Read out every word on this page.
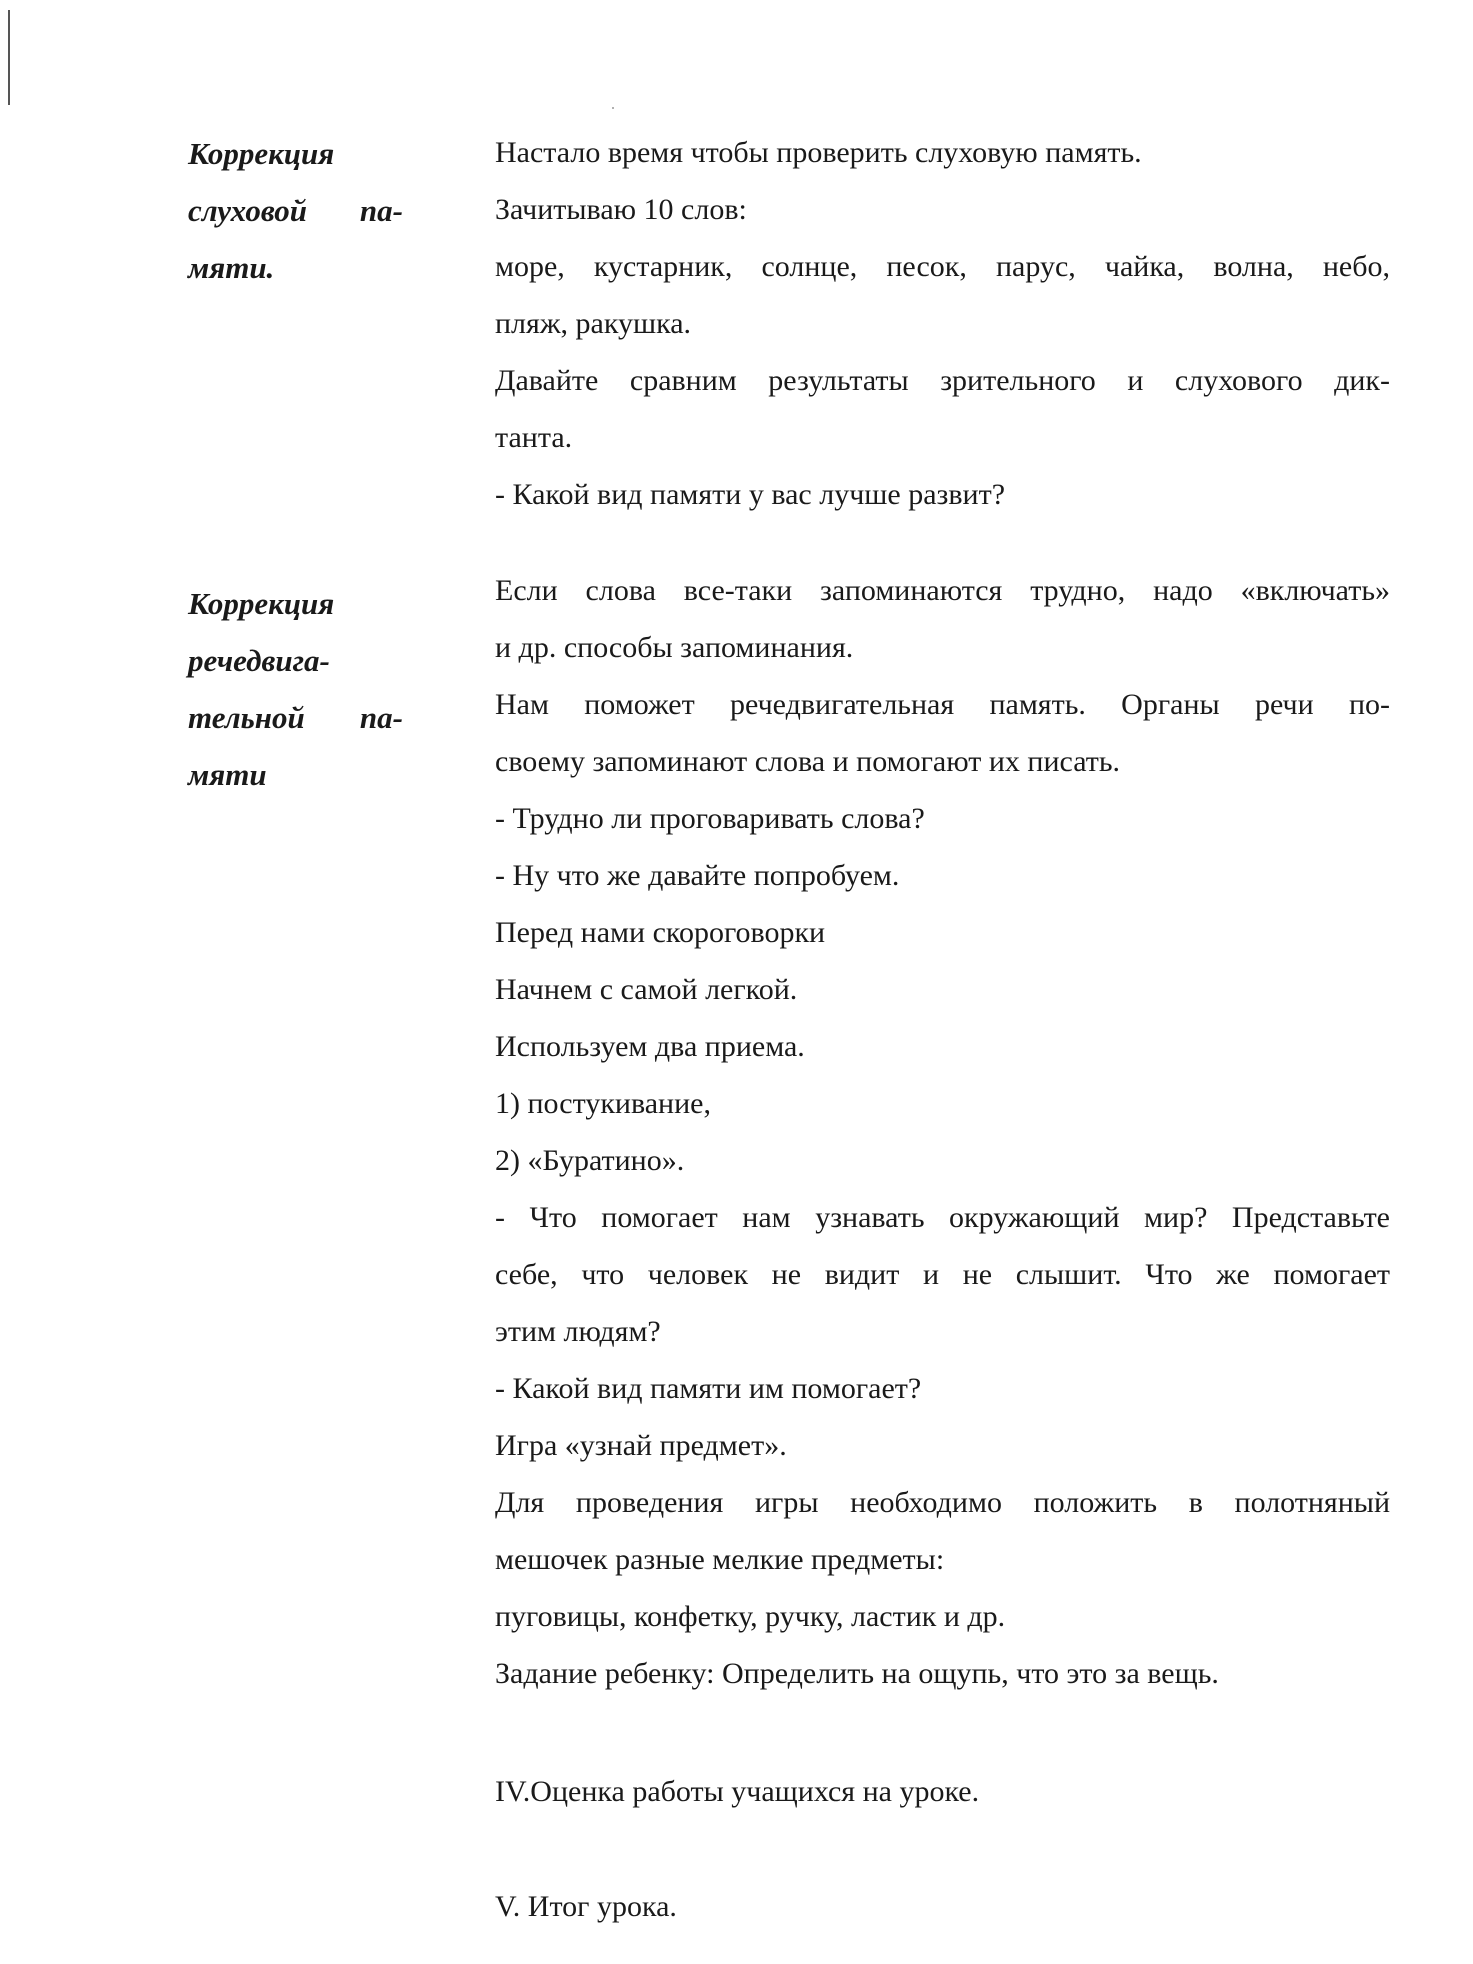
Коррекция
слуховой па-
мяти.
Настало время чтобы проверить слуховую память.
Зачитываю 10 слов:
море, кустарник, солнце, песок, парус, чайка, волна, небо,
пляж, ракушка.
Давайте сравним результаты зрительного и слухового дик-
танта.
- Какой вид памяти у вас лучше развит?
Коррекция
речедвига-
тельной па-
мяти
Если слова все-таки запоминаются трудно, надо «включать»
и др. способы запоминания.
Нам поможет речедвигательная память. Органы речи по-
своему запоминают слова и помогают их писать.
- Трудно ли проговаривать слова?
- Ну что же давайте попробуем.
Перед нами скороговорки
Начнем с самой легкой.
Используем два приема.
1) постукивание,
2) «Буратино».
- Что помогает нам узнавать окружающий мир? Представьте
себе, что человек не видит и не слышит. Что же помогает
этим людям?
- Какой вид памяти им помогает?
Игра «узнай предмет».
Для проведения игры необходимо положить в полотняный
мешочек разные мелкие предметы:
пуговицы, конфетку, ручку, ластик и др.
Задание ребенку: Определить на ощупь, что это за вещь.
IV.Оценка работы учащихся на уроке.
V. Итог урока.
